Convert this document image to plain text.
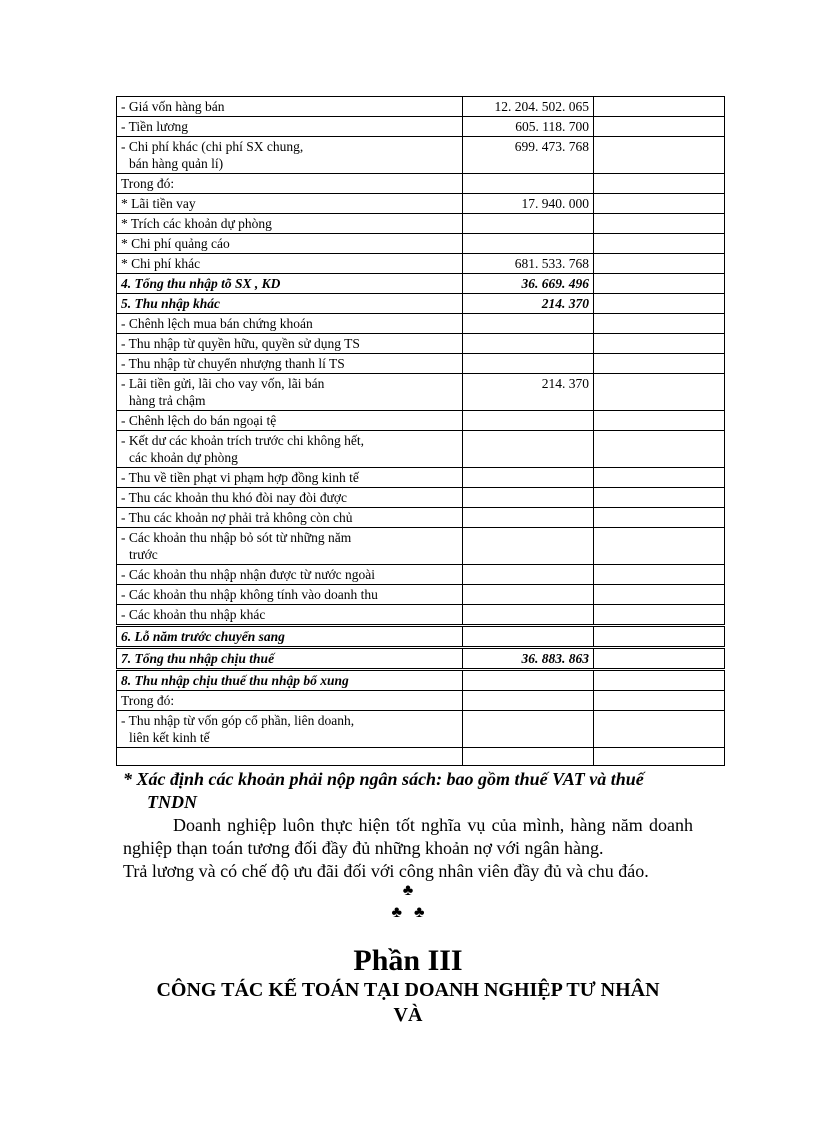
- Giá vốn hàng bán	12. 204. 502. 065	

- Tiền lương	605. 118. 700	

- Chi phí khác (chi phí SX chung,
bán hàng quản lí)	699. 473. 768	

Trong đó:		

* Lãi tiền vay	17. 940. 000	

* Trích các khoản dự phòng		

* Chi phí quảng cáo		

* Chi phí khác	681. 533. 768	

4. Tổng thu nhập tõ SX , KD	36. 669. 496	

5. Thu nhập khác	214. 370	

- Chênh lệch mua bán chứng khoán		

- Thu nhập từ quyền hữu, quyền sử dụng TS		

- Thu nhập từ chuyển nhượng thanh lí TS		

- Lãi tiền gửi, lãi cho vay vốn, lãi bán
hàng trả chậm	214. 370	

- Chênh lệch do bán ngoại tệ		

- Kết dư các khoản trích trước chi không hết,
các khoản dự phòng		

- Thu về tiền phạt vi phạm hợp đồng kinh tế		

- Thu các khoản thu khó đòi nay đòi được		

- Thu các khoản nợ phải trả không còn chủ		

- Các khoản thu nhập bỏ sót từ những năm
trước		

- Các khoản thu nhập nhận được từ nước ngoài		

- Các khoản thu nhập không tính vào doanh thu		

- Các khoản thu nhập khác		

6. Lỗ năm trước chuyển sang		

7. Tổng thu nhập chịu thuế	36. 883. 863	

8. Thu nhập chịu thuế thu nhập bổ xung		

Trong đó:		

- Thu nhập từ vốn góp cổ phần, liên doanh,
liên kết kinh tế		

* Xác định các khoản phải nộp ngân sách: bao gồm thuế VAT và thuế
TNDN

Doanh nghiệp luôn thực hiện tốt nghĩa vụ của mình, hàng năm doanh nghiệp thạn toán tương đối đầy đủ những khoản nợ với ngân hàng.
Trả lương và có chế độ ưu đãi đối với công nhân viên đầy đủ và chu đáo.

♣
♣♣
Phần III
CÔNG TÁC KẾ TOÁN TẠI DOANH NGHIỆP TƯ NHÂN
VÀ
